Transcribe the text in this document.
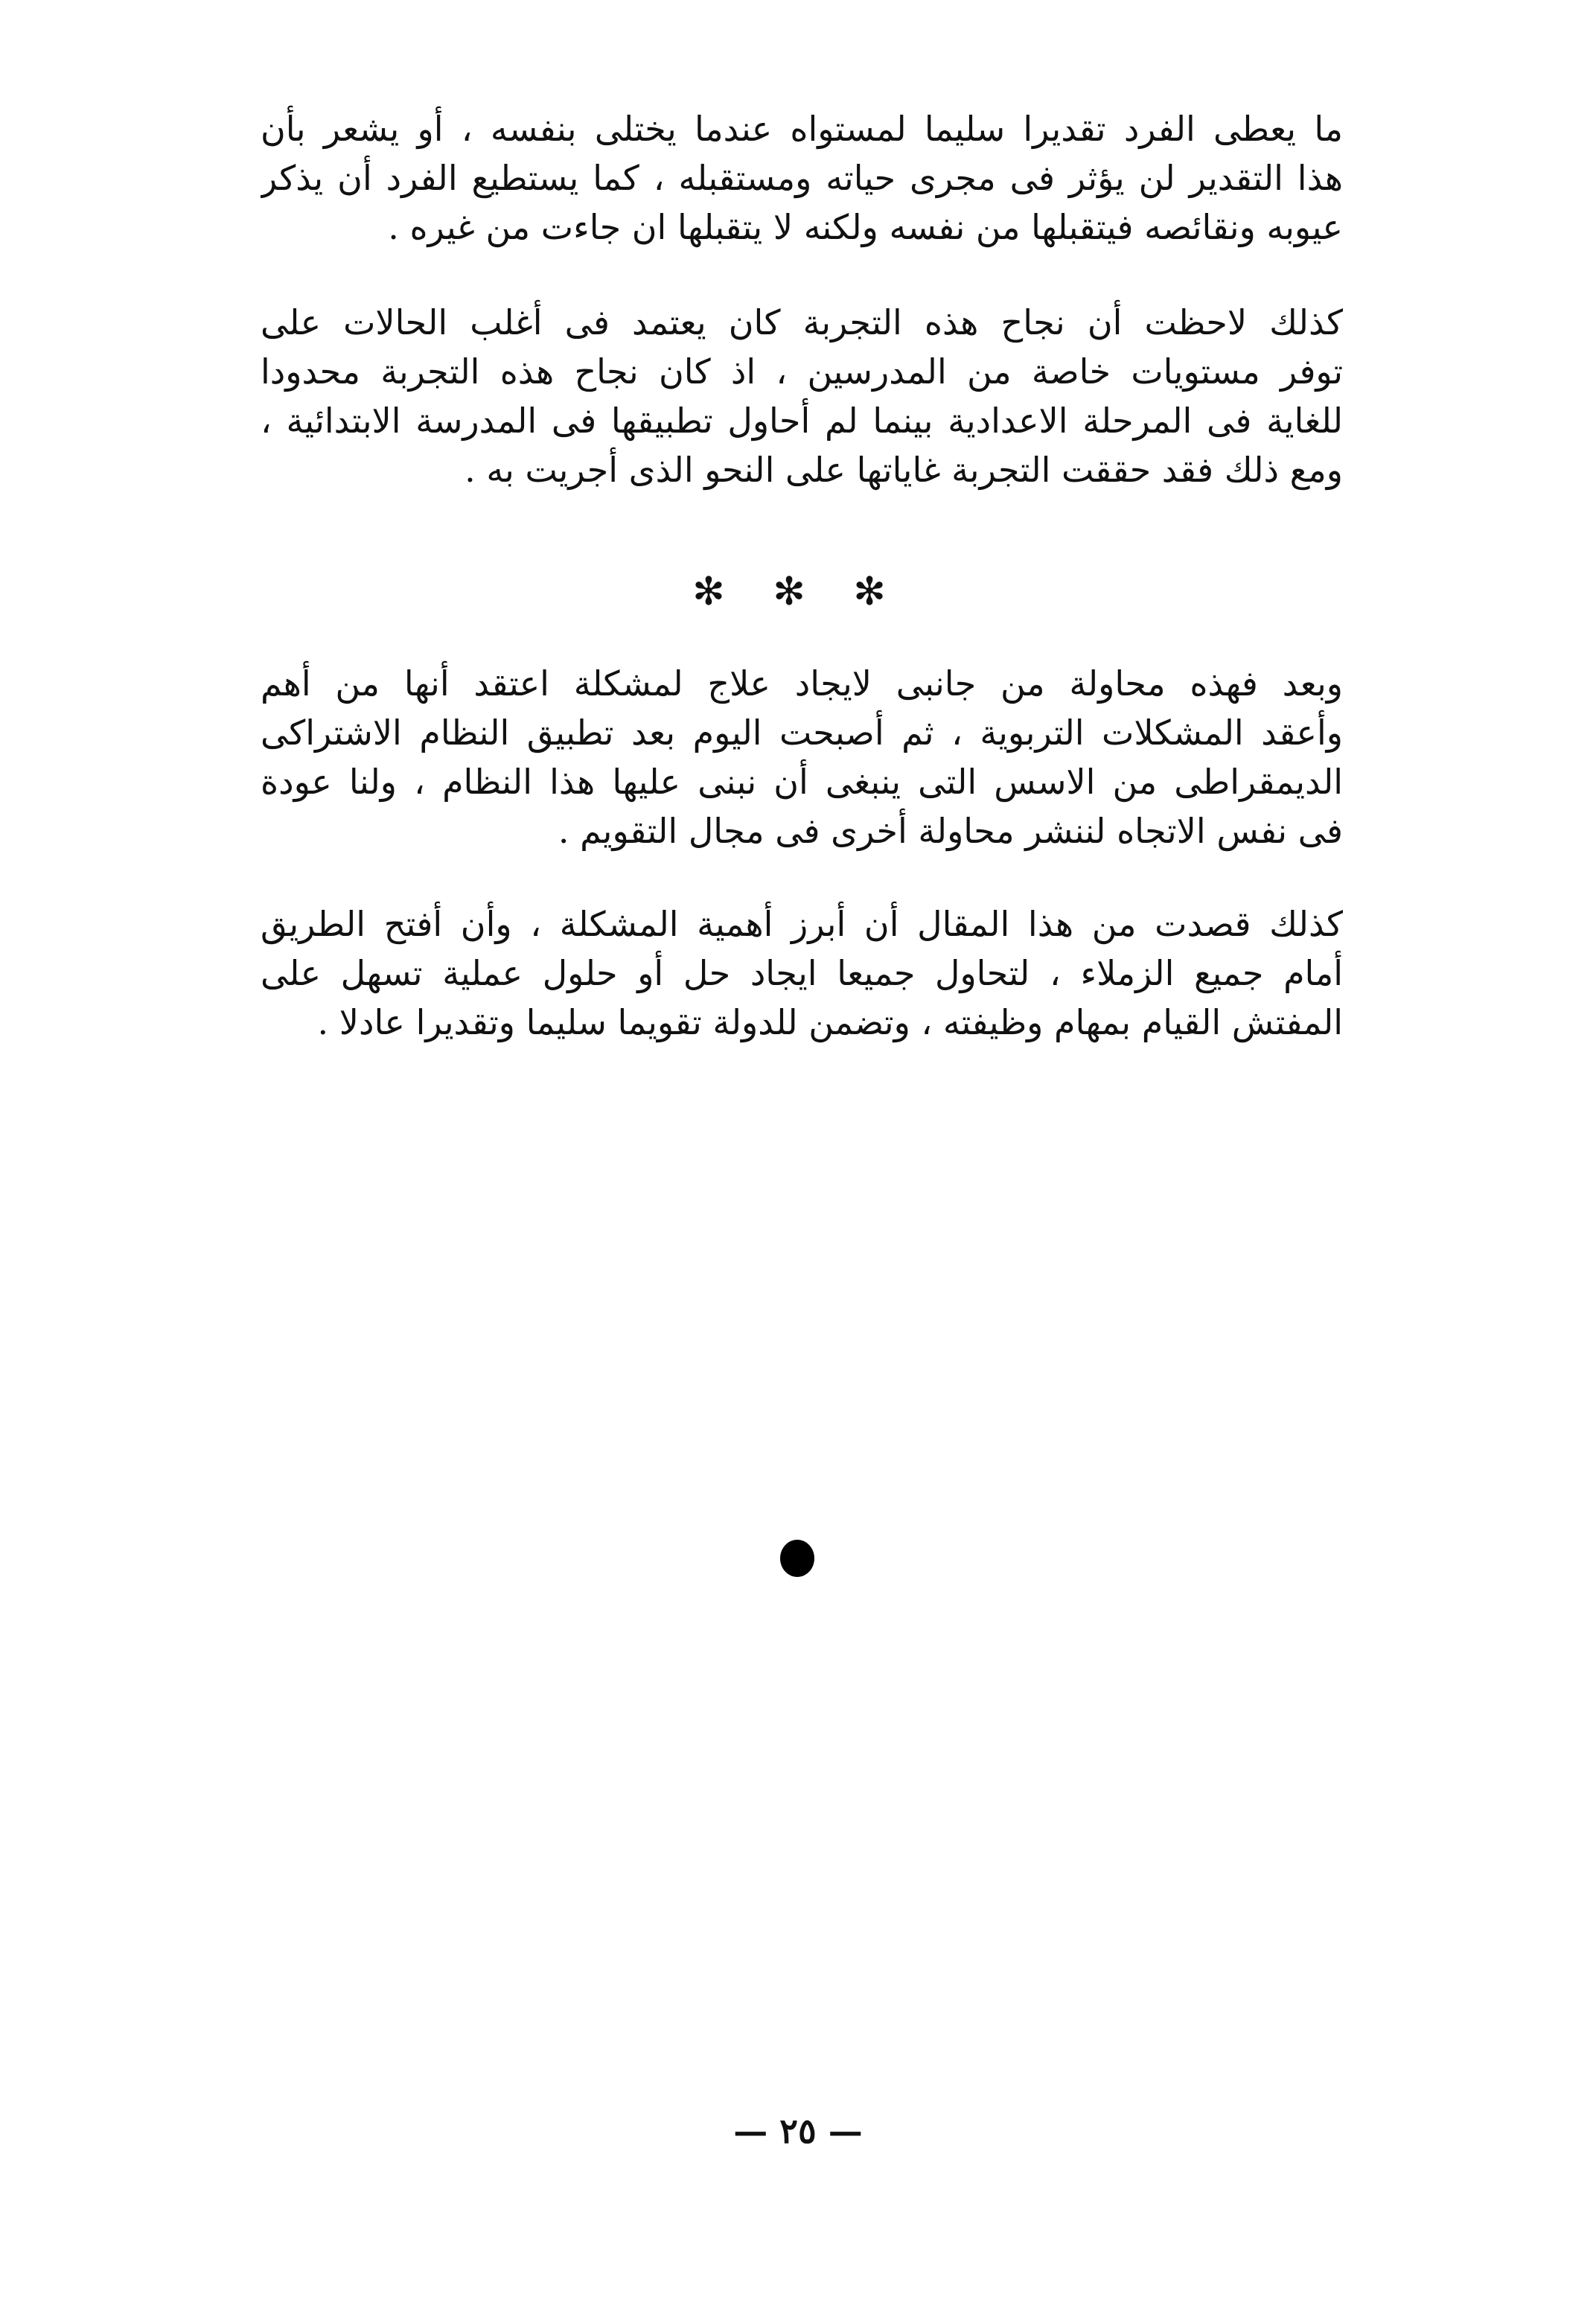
ما يعطى الفرد تقديرا سليما لمستواه عندما يختلى بنفسه ، أو يشعر بأن
هذا التقدير لن يؤثر فى مجرى حياته ومستقبله ، كما يستطيع الفرد أن يذكر
عيوبه ونقائصه فيتقبلها من نفسه ولكنه لا يتقبلها ان جاءت من غيره .
كذلك لاحظت أن نجاح هذه التجربة كان يعتمد فى أغلب الحالات على
توفر مستويات خاصة من المدرسين ، اذ كان نجاح هذه التجربة محدودا
للغاية فى المرحلة الاعدادية بينما لم أحاول تطبيقها فى المدرسة الابتدائية ،
ومع ذلك فقد حققت التجربة غاياتها على النحو الذى أجريت به .
✻ ✻ ✻
وبعد فهذه محاولة من جانبى لايجاد علاج لمشكلة اعتقد أنها من أهم
وأعقد المشكلات التربوية ، ثم أصبحت اليوم بعد تطبيق النظام الاشتراكى
الديمقراطى من الاسس التى ينبغى أن نبنى عليها هذا النظام ، ولنا عودة
فى نفس الاتجاه لننشر محاولة أخرى فى مجال التقويم .
كذلك قصدت من هذا المقال أن أبرز أهمية المشكلة ، وأن أفتح الطريق
أمام جميع الزملاء ، لتحاول جميعا ايجاد حل أو حلول عملية تسهل على
المفتش القيام بمهام وظيفته ، وتضمن للدولة تقويما سليما وتقديرا عادلا .
— ٢٥ —
